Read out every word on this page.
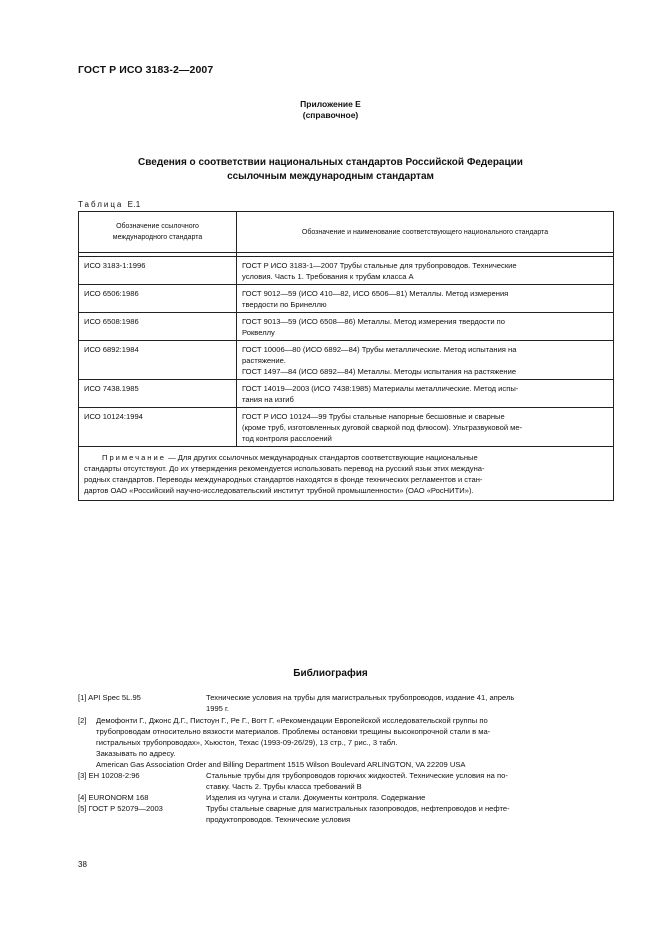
ГОСТ Р ИСО 3183-2—2007
Приложение Е
(справочное)
Сведения о соответствии национальных стандартов Российской Федерации
ссылочным международным стандартам
Таблица Е.1
Обозначение ссылочного
международного стандарта	Обозначение и наименование соответствующего национального стандарта

ИСО 3183-1:1996	ГОСТ Р ИСО 3183-1—2007 Трубы стальные для трубопроводов. Технические
условия. Часть 1. Требования к трубам класса А

ИСО 6506:1986	ГОСТ 9012—59 (ИСО 410—82, ИСО 6506—81) Металлы. Метод измерения
твердости по Бринеллю

ИСО 6508:1986	ГОСТ 9013—59 (ИСО 6508—86) Металлы. Метод измерения твердости по
Роквеллу

ИСО 6892:1984	ГОСТ 10006—80 (ИСО 6892—84) Трубы металлические. Метод испытания на
растяжение.
ГОСТ 1497—84 (ИСО 6892—84) Металлы. Методы испытания на растяжение

ИСО 7438.1985	ГОСТ 14019—2003 (ИСО 7438:1985) Материалы металлические. Метод испы-
тания на изгиб

ИСО 10124:1994	ГОСТ Р ИСО 10124—99 Трубы стальные напорные бесшовные и сварные
(кроме труб, изготовленных дуговой сваркой под флюсом). Ультразвуковой ме-
тод контроля расслоений

Примечание — Для других ссылочных международных стандартов соответствующие национальные
стандарты отсутствуют. До их утверждения рекомендуется использовать перевод на русский язык этих междуна-
родных стандартов. Переводы международных стандартов находятся в фонде технических регламентов и стан-
дартов ОАО «Российский научно-исследовательский институт трубной промышленности» (ОАО «РосНИТИ»).	
Библиография
[1] API Spec 5L.95	Технические условия на трубы для магистральных трубопроводов, издание 41, апрель
1995 г.
[2] Демофонти Г., Джонс Д.Г., Пистоун Г., Ре Г., Вогт Г. «Рекомендации Европейской исследовательской группы по
трубопроводам относительно вязкости материалов. Проблемы остановки трещины высокопрочной стали в ма-
гистральных трубопроводах», Хьюстон, Техас (1993-09-26/29), 13 стр., 7 рис., 3 табл.
Заказывать по адресу.
American Gas Association Order and Billing Department 1515 Wilson Boulevard ARLINGTON, VA 22209 USA
[3] EH 10208-2:96	Стальные трубы для трубопроводов горючих жидкостей. Технические условия на по-
ставку. Часть 2. Трубы класса требований В
[4] EURONORM 168	Изделия из чугуна и стали. Документы контроля. Содержание
[5] ГОСТ Р 52079—2003	Трубы стальные сварные для магистральных газопроводов, нефтепроводов и нефте-
продуктопроводов. Технические условия
38
